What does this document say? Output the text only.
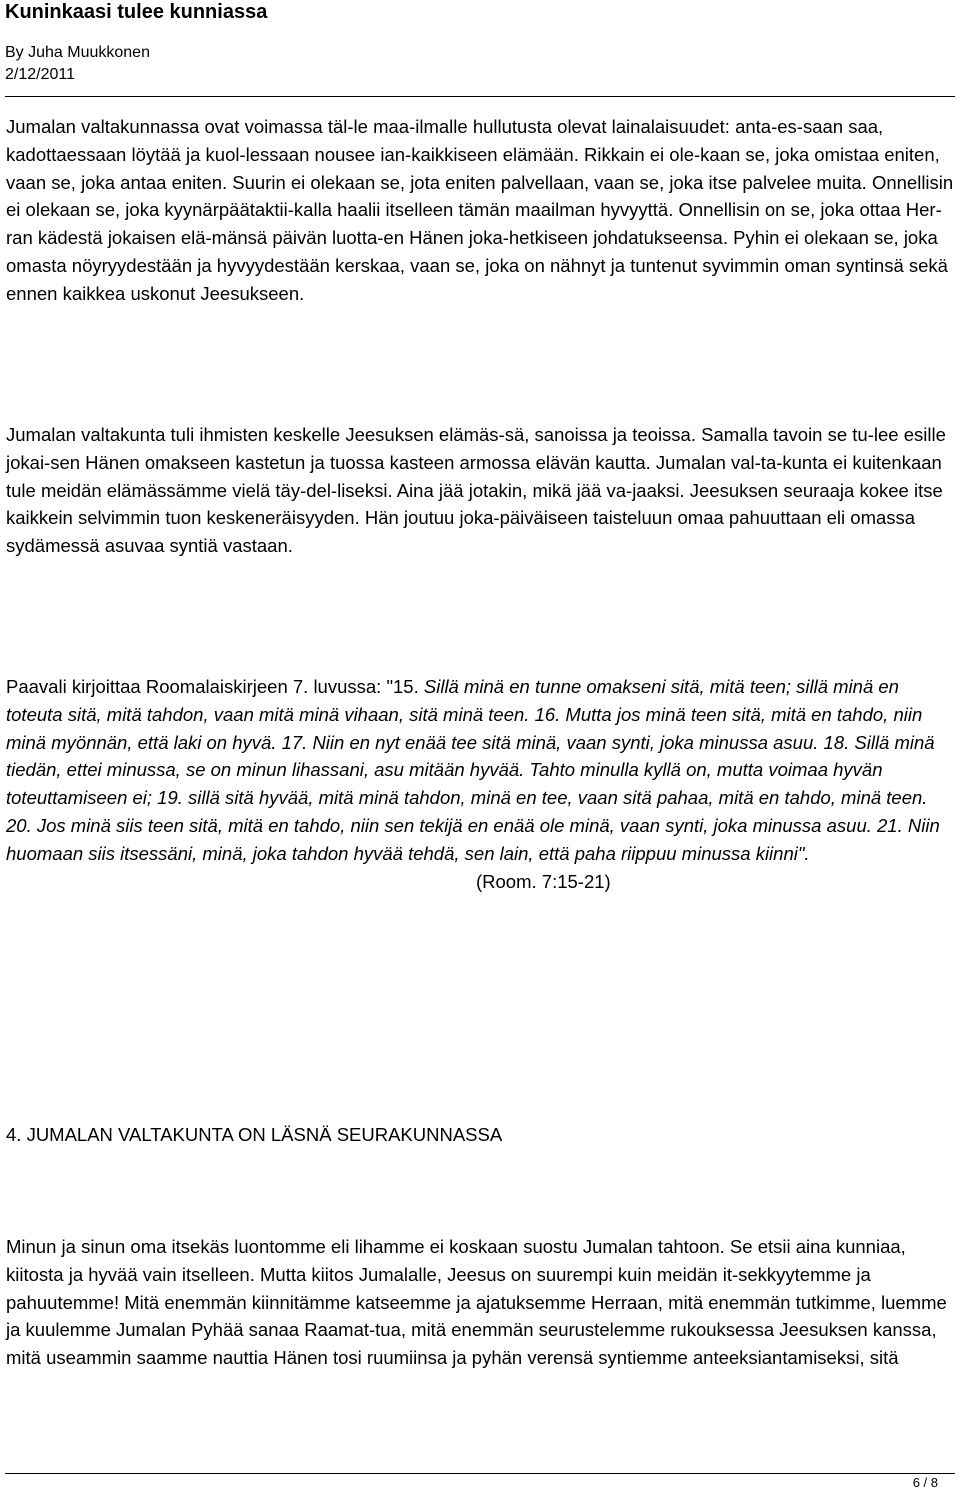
Kuninkaasi tulee kunniassa
By Juha Muukkonen
2/12/2011

Jumalan valtakunnassa ovat voimassa täl-le maa-ilmalle hullutusta olevat lainalaisuudet: anta-es-saan saa, kadottaessaan löytää ja kuol-lessaan nousee ian-kaikkiseen elämään. Rikkain ei ole-kaan se, joka omistaa eniten, vaan se, joka antaa eniten. Suurin ei olekaan se, jota eniten palvellaan, vaan se, joka itse palvelee muita. Onnellisin ei olekaan se, joka kyynärpäätaktii-kalla haalii itselleen tämän maailman hyvyyttä. Onnellisin on se, joka ottaa Her-ran kädestä jokaisen elä-mänsä päivän luotta-en Hänen joka-hetkiseen johdatukseensa. Pyhin ei olekaan se, joka omasta nöyryydestään ja hyvyydestään kerskaa, vaan se, joka on nähnyt ja tuntenut syvimmin oman syntinsä sekä ennen kaikkea uskonut Jeesukseen.

Jumalan valtakunta tuli ihmisten keskelle Jeesuksen elämäs-sä, sanoissa ja teoissa. Samalla tavoin se tu-lee esille jokai-sen Hänen omakseen kastetun ja tuossa kasteen armossa elävän kautta. Jumalan val-ta-kunta ei kuitenkaan tule meidän elämässämme vielä täy-del-liseksi. Aina jää jotakin, mikä jää va-jaaksi. Jeesuksen seuraaja kokee itse kaikkein selvimmin tuon keskeneräisyyden. Hän joutuu joka-päiväiseen taisteluun omaa pahuuttaan eli omassa sydämessä asuvaa syntiä vastaan.

Paavali kirjoittaa Roomalaiskirjeen 7. luvussa: "15. Sillä minä en tunne omakseni sitä, mitä teen; sillä minä en toteuta sitä, mitä tahdon, vaan mitä minä vihaan, sitä minä teen. 16. Mutta jos minä teen sitä, mitä en tahdo, niin minä myönnän, että laki on hyvä. 17. Niin en nyt enää tee sitä minä, vaan synti, joka minussa asuu. 18. Sillä minä tiedän, ettei minussa, se on minun lihassani, asu mitään hyvää. Tahto minulla kyllä on, mutta voimaa hyvän toteuttamiseen ei; 19. sillä sitä hyvää, mitä minä tahdon, minä en tee, vaan sitä pahaa, mitä en tahdo, minä teen. 20. Jos minä siis teen sitä, mitä en tahdo, niin sen tekijä en enää ole minä, vaan synti, joka minussa asuu. 21. Niin huomaan siis itsessäni, minä, joka tahdon hyvää tehdä, sen lain, että paha riippuu minussa kiinni".(Room. 7:15-21)

4. JUMALAN VALTAKUNTA ON LÄSNÄ SEURAKUNNASSA

Minun ja sinun oma itsekäs luontomme eli lihamme ei koskaan suostu Jumalan tahtoon. Se etsii aina kunniaa, kiitosta ja hyvää vain itselleen. Mutta kiitos Jumalalle, Jeesus on suurempi kuin meidän it-sekkyytemme ja pahuutemme! Mitä enemmän kiinnitämme katseemme ja ajatuksemme Herraan, mitä enemmän tutkimme, luemme ja kuulemme Jumalan Pyhää sanaa Raamat-tua, mitä enemmän seurustelemme rukouksessa Jeesuksen kanssa, mitä useammin saamme nauttia Hänen tosi ruumiinsa ja pyhän verensä syntiemme anteeksiantamiseksi, sitä

6 / 8
